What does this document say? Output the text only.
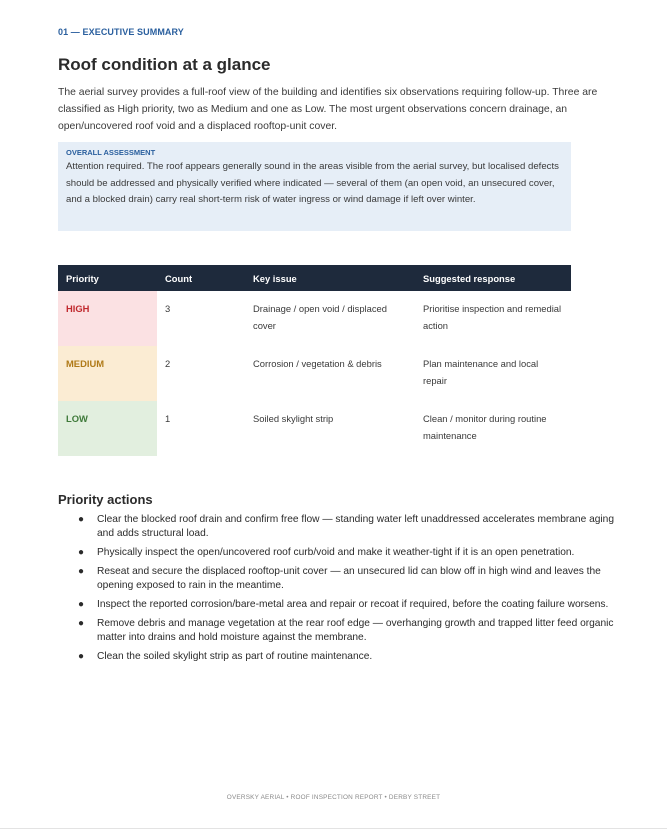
01 — EXECUTIVE SUMMARY
Roof condition at a glance
The aerial survey provides a full-roof view of the building and identifies six observations requiring follow-up. Three are classified as High priority, two as Medium and one as Low. The most urgent observations concern drainage, an open/uncovered roof void and a displaced rooftop-unit cover.
OVERALL ASSESSMENT
Attention required. The roof appears generally sound in the areas visible from the aerial survey, but localised defects should be addressed and physically verified where indicated — several of them (an open void, an unsecured cover, and a blocked drain) carry real short-term risk of water ingress or wind damage if left over winter.
Priority	Count	Key issue	Suggested response
HIGH	3	Drainage / open void / displaced cover	Prioritise inspection and remedial action
MEDIUM	2	Corrosion / vegetation & debris	Plan maintenance and local repair
LOW	1	Soiled skylight strip	Clean / monitor during routine maintenance
Priority actions
● Clear the blocked roof drain and confirm free flow — standing water left unaddressed accelerates membrane aging and adds structural load.
● Physically inspect the open/uncovered roof curb/void and make it weather-tight if it is an open penetration.
● Reseat and secure the displaced rooftop-unit cover — an unsecured lid can blow off in high wind and leaves the opening exposed to rain in the meantime.
● Inspect the reported corrosion/bare-metal area and repair or recoat if required, before the coating failure worsens.
● Remove debris and manage vegetation at the rear roof edge — overhanging growth and trapped litter feed organic matter into drains and hold moisture against the membrane.
● Clean the soiled skylight strip as part of routine maintenance.
OVERSKY AERIAL • ROOF INSPECTION REPORT • DERBY STREET
